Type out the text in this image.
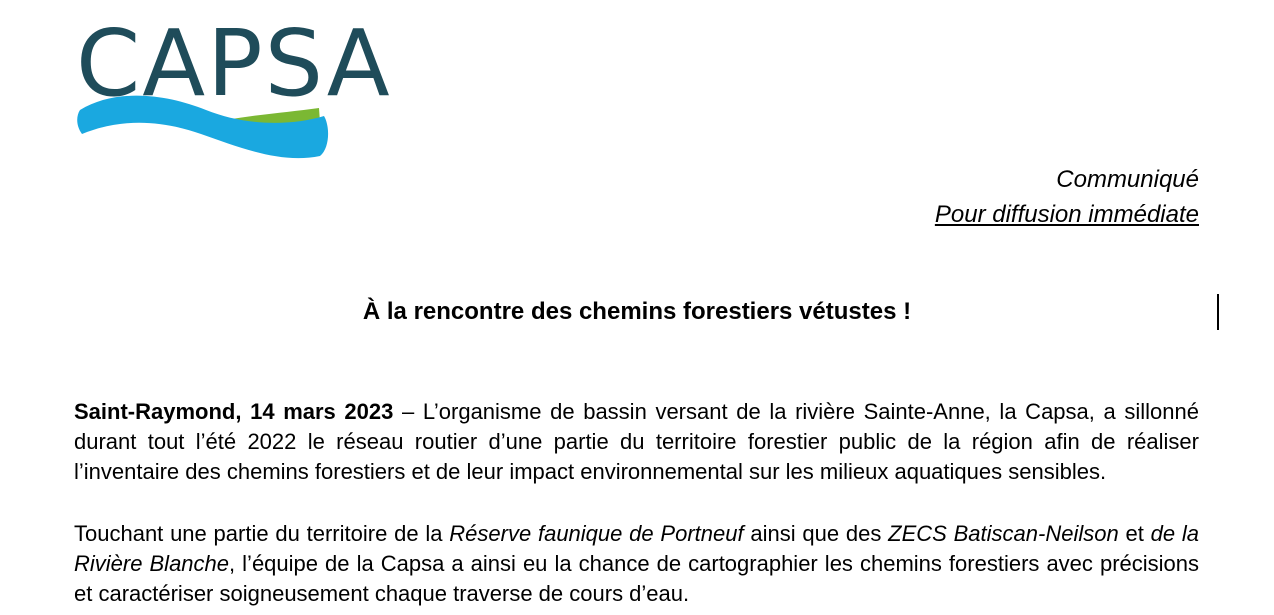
CAPSA
Communiqué
Pour diffusion immédiate
À la rencontre des chemins forestiers vétustes !

Saint-Raymond, 14 mars 2023 – L’organisme de bassin versant de la rivière Sainte-Anne, la Capsa, a sillonné durant tout l’été 2022 le réseau routier d’une partie du territoire forestier public de la région afin de réaliser l’inventaire des chemins forestiers et de leur impact environnemental sur les milieux aquatiques sensibles.

Touchant une partie du territoire de la Réserve faunique de Portneuf ainsi que des ZECS Batiscan-Neilson et de la Rivière Blanche, l’équipe de la Capsa a ainsi eu la chance de cartographier les chemins forestiers avec précisions et caractériser soigneusement chaque traverse de cours d’eau.
